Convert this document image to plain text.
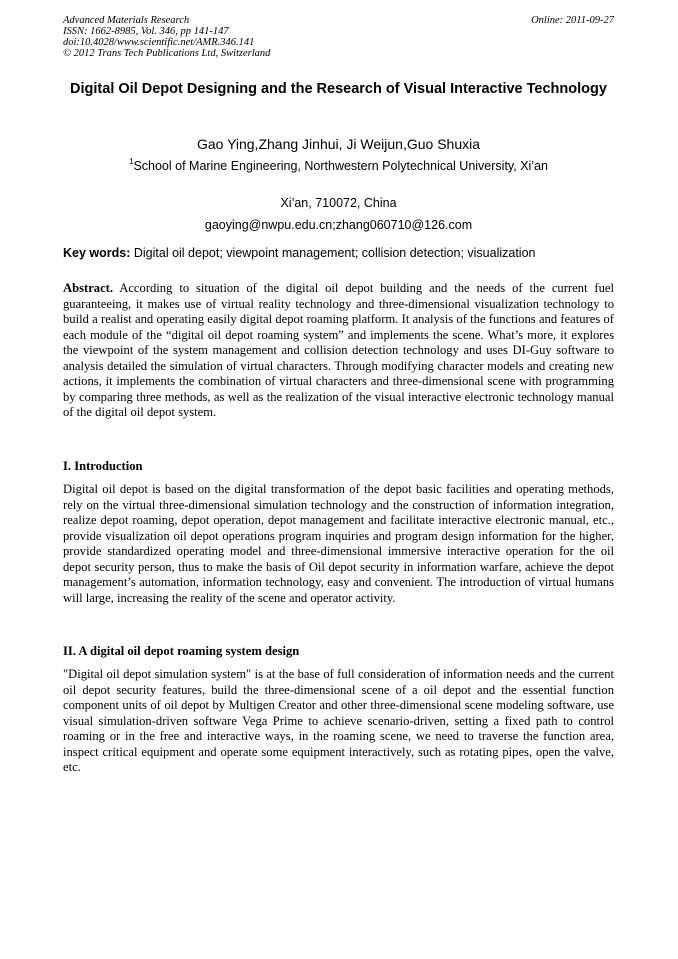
Advanced Materials Research
ISSN: 1662-8985, Vol. 346, pp 141-147
doi:10.4028/www.scientific.net/AMR.346.141
© 2012 Trans Tech Publications Ltd, Switzerland
Online: 2011-09-27
Digital Oil Depot Designing and the Research of Visual Interactive Technology
Gao Ying,Zhang Jinhui, Ji Weijun,Guo Shuxia
$^1$School of Marine Engineering, Northwestern Polytechnical University, Xi’an
Xi’an, 710072, China
gaoying@nwpu.edu.cn;zhang060710@126.com
Key words: Digital oil depot; viewpoint management; collision detection; visualization
Abstract. According to situation of the digital oil depot building and the needs of the current fuel guaranteeing, it makes use of virtual reality technology and three-dimensional visualization technology to build a realist and operating easily digital depot roaming platform. It analysis of the functions and features of each module of the “digital oil depot roaming system” and implements the scene. What’s more, it explores the viewpoint of the system management and collision detection technology and uses DI-Guy software to analysis detailed the simulation of virtual characters. Through modifying character models and creating new actions, it implements the combination of virtual characters and three-dimensional scene with programming by comparing three methods, as well as the realization of the visual interactive electronic technology manual of the digital oil depot system.
I. Introduction
Digital oil depot is based on the digital transformation of the depot basic facilities and operating methods, rely on the virtual three-dimensional simulation technology and the construction of information integration, realize depot roaming, depot operation, depot management and facilitate interactive electronic manual, etc., provide visualization oil depot operations program inquiries and program design information for the higher, provide standardized operating model and three-dimensional immersive interactive operation for the oil depot security person, thus to make the basis of Oil depot security in information warfare, achieve the depot management’s automation, information technology, easy and convenient. The introduction of virtual humans will large, increasing the reality of the scene and operator activity.
II. A digital oil depot roaming system design
"Digital oil depot simulation system" is at the base of full consideration of information needs and the current oil depot security features, build the three-dimensional scene of a oil depot and the essential function component units of oil depot by Multigen Creator and other three-dimensional scene modeling software, use visual simulation-driven software Vega Prime to achieve scenario-driven, setting a fixed path to control roaming or in the free and interactive ways, in the roaming scene, we need to traverse the function area, inspect critical equipment and operate some equipment interactively, such as rotating pipes, open the valve, etc.
